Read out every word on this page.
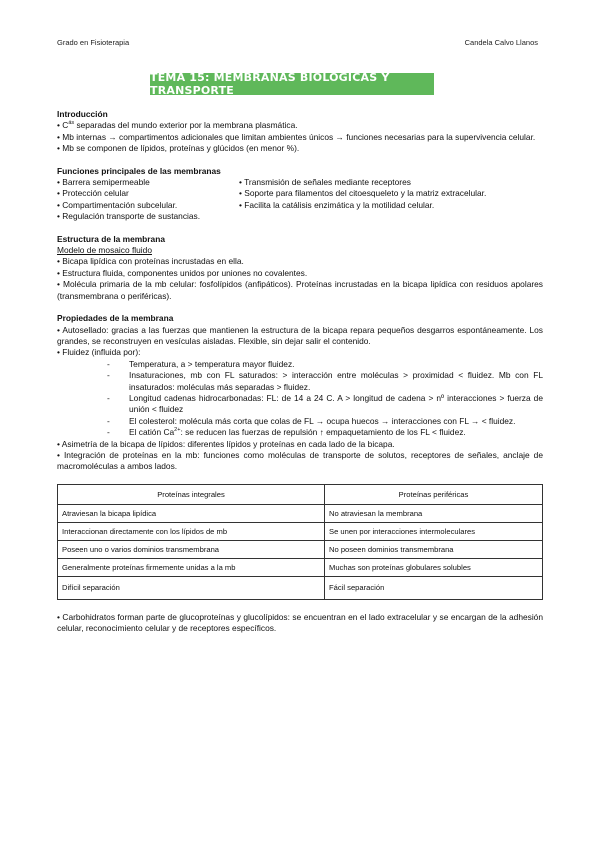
Grado en Fisioterapia	Candela Calvo Llanos
TEMA 15: MEMBRANAS BIOLÓGICAS Y TRANSPORTE

Introducción

• $C^{ás}$ separadas del mundo exterior por la membrana plasmática.

• Mb internas → compartimentos adicionales que limitan ambientes únicos → funciones necesarias para la supervivencia celular.

• Mb se componen de lípidos, proteínas y glúcidos (en menor %).

Funciones principales de las membranas

• Barrera semipermeable

• Protección celular

• Compartimentación subcelular.

• Regulación transporte de sustancias.

• Transmisión de señales mediante receptores

• Soporte para filamentos del citoesqueleto y la matriz extracelular.

• Facilita la catálisis enzimática y la motilidad celular.

Estructura de la membrana

Modelo de mosaico fluido

• Bicapa lipídica con proteínas incrustadas en ella.

• Estructura fluida, componentes unidos por uniones no covalentes.

• Molécula primaria de la mb celular: fosfolípidos (anfipáticos). Proteínas incrustadas en la bicapa lipídica con residuos apolares (transmembrana o periféricas).

Propiedades de la membrana

• Autosellado: gracias a las fuerzas que mantienen la estructura de la bicapa repara pequeños desgarros espontáneamente. Los grandes, se reconstruyen en vesículas aisladas. Flexible, sin dejar salir el contenido.

• Fluidez (influida por):

- Temperatura, a > temperatura mayor fluidez.

- Insaturaciones, mb con FL saturados: > interacción entre moléculas > proximidad < fluidez. Mb con FL insaturados: moléculas más separadas > fluidez.

- Longitud cadenas hidrocarbonadas: FL: de 14 a 24 C. A > longitud de cadena > nº interacciones > fuerza de unión < fluidez

- El colesterol: molécula más corta que colas de FL → ocupa huecos → interacciones con FL → < fluidez.

- El catión $Ca^{2+}$: se reducen las fuerzas de repulsión ↑ empaquetamiento de los FL < fluidez.

• Asimetría de la bicapa de lípidos: diferentes lípidos y proteínas en cada lado de la bicapa.

• Integración de proteínas en la mb: funciones como moléculas de transporte de solutos, receptores de señales, anclaje de macromoléculas a ambos lados.

Proteínas integrales	Proteínas periféricas
Atraviesan la bicapa lipídica	No atraviesan la membrana
Interaccionan directamente con los lípidos de mb	Se unen por interacciones intermoleculares
Poseen uno o varios dominios transmembrana	No poseen dominios transmembrana
Generalmente proteínas firmemente unidas a la mb	Muchas son proteínas globulares solubles
Difícil separación	Fácil separación

• Carbohidratos forman parte de glucoproteínas y glucolípidos: se encuentran en el lado extracelular y se encargan de la adhesión celular, reconocimiento celular y de receptores específicos.
